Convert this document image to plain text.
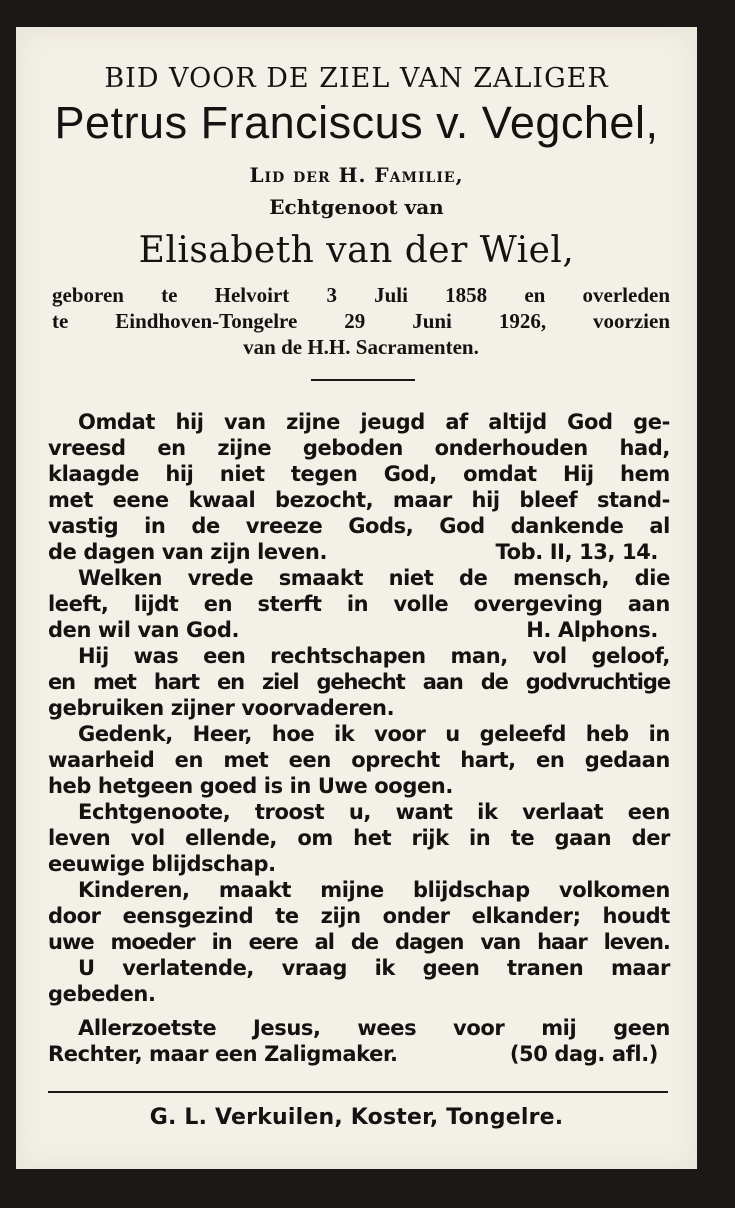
BID VOOR DE ZIEL VAN ZALIGER
Petrus Franciscus v. Vegchel,
Lid der H. Familie,
Echtgenoot van
Elisabeth van der Wiel,
geboren te Helvoirt 3 Juli 1858 en overleden
te Eindhoven-Tongelre 29 Juni 1926, voorzien
van de H.H. Sacramenten.
Omdat hij van zijne jeugd af altijd God ge-
vreesd en zijne geboden onderhouden had,
klaagde hij niet tegen God, omdat Hij hem
met eene kwaal bezocht, maar hij bleef stand-
vastig in de vreeze Gods, God dankende al
de dagen van zijn leven.	Tob. II, 13, 14.
Welken vrede smaakt niet de mensch, die
leeft, lijdt en sterft in volle overgeving aan
den wil van God.	H. Alphons.
Hij was een rechtschapen man, vol geloof,
en met hart en ziel gehecht aan de godvruchtige
gebruiken zijner voorvaderen.
Gedenk, Heer, hoe ik voor u geleefd heb in
waarheid en met een oprecht hart, en gedaan
heb hetgeen goed is in Uwe oogen.
Echtgenoote, troost u, want ik verlaat een
leven vol ellende, om het rijk in te gaan der
eeuwige blijdschap.
Kinderen, maakt mijne blijdschap volkomen
door eensgezind te zijn onder elkander; houdt
uwe moeder in eere al de dagen van haar leven.
U verlatende, vraag ik geen tranen maar
gebeden.
Allerzoetste Jesus, wees voor mij geen
Rechter, maar een Zaligmaker.	(50 dag. afl.)
G. L. Verkuilen, Koster, Tongelre.
